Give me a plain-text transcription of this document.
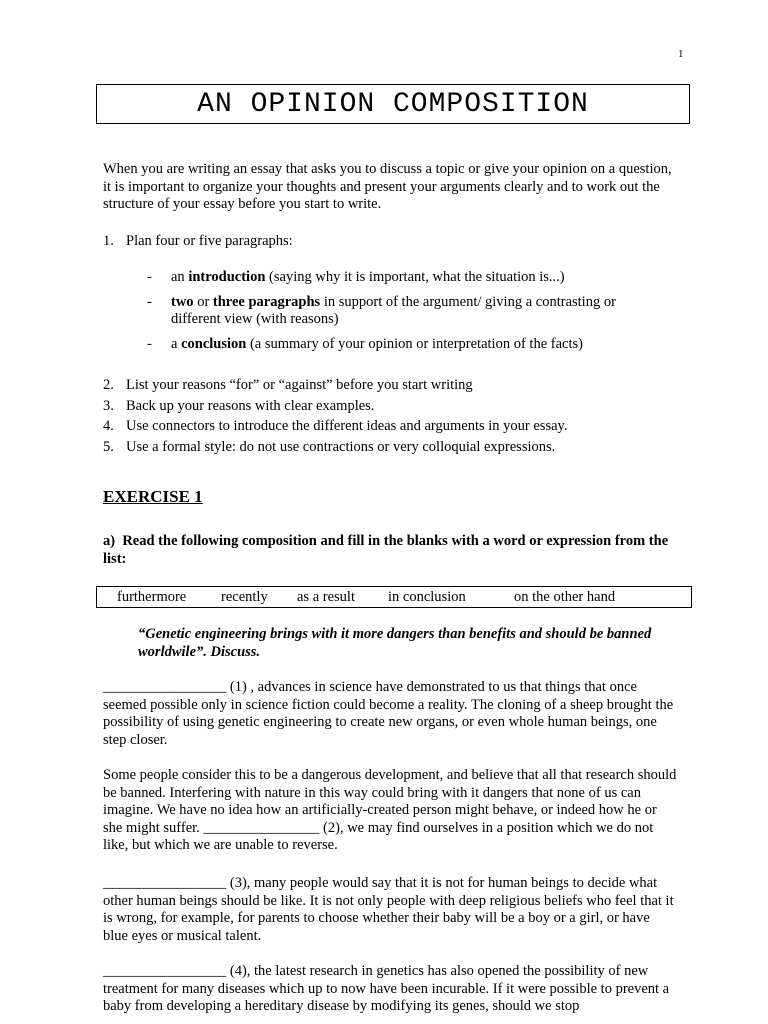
1
AN OPINION COMPOSITION

When you are writing an essay that asks you to discuss a topic or give your opinion on a question, it is important to organize your thoughts and present your arguments clearly and to work out the structure of your essay before you start to write.

1. Plan four or five paragraphs:
- an introduction (saying why it is important, what the situation is...)
- two or three paragraphs in support of the argument/ giving a contrasting or different view (with reasons)
- a conclusion (a summary of your opinion or interpretation of the facts)
2. List your reasons “for” or “against” before you start writing
3. Back up your reasons with clear examples.
4. Use connectors to introduce the different ideas and arguments in your essay.
5. Use a formal style: do not use contractions or very colloquial expressions.
EXERCISE 1

a)  Read the following composition and fill in the blanks with a word or expression from the list:

furthermore recently as a result in conclusion	on the other hand

“Genetic engineering brings with it more dangers than benefits and should be banned worldwile”. Discuss.

_________________ (1) , advances in science have demonstrated to us that things that once seemed possible only in science fiction could become a reality. The cloning of a sheep brought the possibility of using genetic engineering to create new organs, or even whole human beings, one step closer.

Some people consider this to be a dangerous development, and believe that all that research should be banned. Interfering with nature in this way could bring with it dangers that none of us can imagine. We have no idea how an artificially-created person might behave, or indeed how he or she might suffer. ________________ (2), we may find ourselves in a position which we do not like, but which we are unable to reverse.

_________________ (3), many people would say that it is not for human beings to decide what other human beings should be like. It is not only people with deep religious beliefs who feel that it is wrong, for example, for parents to choose whether their baby will be a boy or a girl, or have blue eyes or musical talent.

_________________ (4), the latest research in genetics has also opened the possibility of new treatment for many diseases which up to now have been incurable. If it were possible to prevent a baby from developing a hereditary disease by modifying its genes, should we stop
